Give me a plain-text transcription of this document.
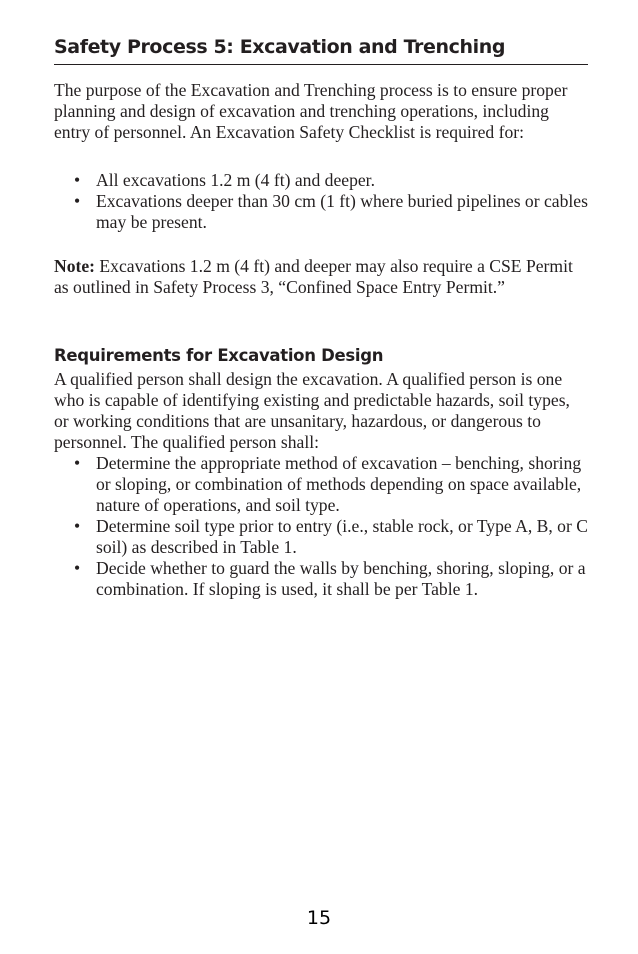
Safety Process 5: Excavation and Trenching

The purpose of the Excavation and Trenching process is to ensure proper planning and design of excavation and trenching operations, including entry of personnel. An Excavation Safety Checklist is required for:

• All excavations 1.2 m (4 ft) and deeper.
• Excavations deeper than 30 cm (1 ft) where buried pipelines or cables may be present.

Note: Excavations 1.2 m (4 ft) and deeper may also require a CSE Permit as outlined in Safety Process 3, “Confined Space Entry Permit.”

Requirements for Excavation Design

A qualified person shall design the excavation. A qualified person is one who is capable of identifying existing and predictable hazards, soil types, or working conditions that are unsanitary, hazardous, or dangerous to personnel. The qualified person shall:

• Determine the appropriate method of excavation – benching, shoring or sloping, or combination of methods depending on space available, nature of operations, and soil type.
• Determine soil type prior to entry (i.e., stable rock, or Type A, B, or C soil) as described in Table 1.
• Decide whether to guard the walls by benching, shoring, sloping, or a combination. If sloping is used, it shall be per Table 1.
15
